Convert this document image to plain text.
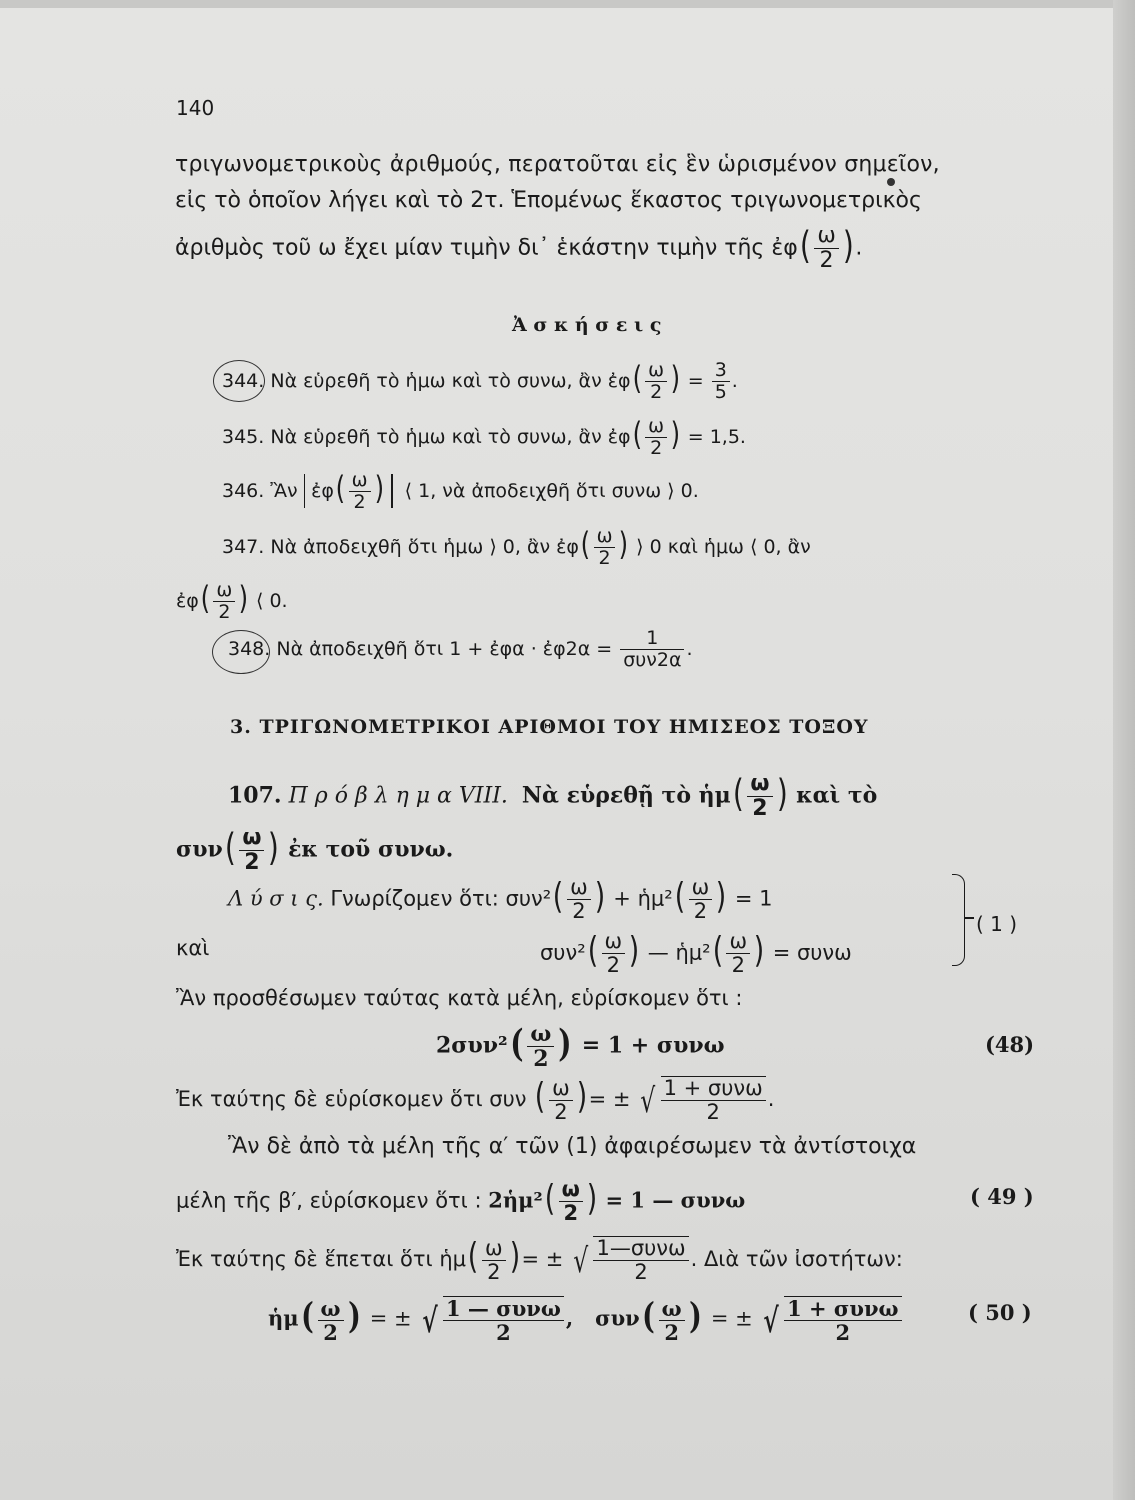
140
τριγωνομετρικοὺς ἀριθμούς, περατοῦται εἰς ἓν ὡρισμένον σημεῖον,
εἰς τὸ ὁποῖον λήγει καὶ τὸ 2τ. Ἑπομένως ἕκαστος τριγωνομετρικὸς
ἀριθμὸς τοῦ ω ἔχει μίαν τιμὴν δι᾽ ἑκάστην τιμὴν τῆς ἐφ( $\frac{\omega}{2}$ ).
Ἀ σ κ ή σ ε ι ς
344. Νὰ εὑρεθῆ τὸ ἡμω καὶ τὸ συνω, ἂν ἐφ( $\frac{\omega}{2}$ ) = $\frac{3}{5}$ .
345. Νὰ εὑρεθῆ τὸ ἡμω καὶ τὸ συνω, ἂν ἐφ( $\frac{\omega}{2}$ ) = 1,5.
346. Ἂν ἐφ( $\frac{\omega}{2}$ ) ⟨ 1, νὰ ἀποδειχθῆ ὅτι συνω ⟩ 0.
347. Νὰ ἀποδειχθῆ ὅτι ἡμω ⟩ 0, ἂν ἐφ( $\frac{\omega}{2}$ ) ⟩ 0 καὶ ἡμω ⟨ 0, ἂν
ἐφ( $\frac{\omega}{2}$ ) ⟨ 0.
348. Νὰ ἀποδειχθῆ ὅτι 1 + ἐφα · ἐφ2α = $\frac{1}{\text{συν2α}}$ .
3. ΤΡΙΓΩΝΟΜΕΤΡΙΚΟΙ ΑΡΙΘΜΟΙ ΤΟΥ ΗΜΙΣΕΟΣ ΤΟΞΟΥ
107. Π ρ ό β λ η μ α VIII. Νὰ εὑρεθῇ τὸ ἡμ( $\frac{\omega}{2}$ ) καὶ τὸ
$\sigma\upsilon\nu( \frac{\omega}{2}$ ) ἐκ τοῦ συνω.
Λ ύ σ ι ς. Γνωρίζομεν ὅτι: $\sigma\upsilon\nu^2( \frac{\omega}{2}$ ) + ἡμ²( $\frac{\omega}{2}$ ) = 1
καὶ	$\sigma\upsilon\nu^2( \frac{\omega}{2}$ ) — ἡμ²( $\frac{\omega}{2}$ ) = συνω
( 1 )
Ἂν προσθέσωμεν ταύτας κατὰ μέλη, εὑρίσκομεν ὅτι :
$2\sigma\upsilon\nu^2( \frac{\omega}{2}$ ) = 1 + συνω	(48)
Ἐκ ταύτης δὲ εὑρίσκομεν ὅτι συν ( $\frac{\omega}{2}$ )= ± √ $\frac{\text{1 + συνω}}{2}$ .
Ἂν δὲ ἀπὸ τὰ μέλη τῆς α′ τῶν (1) ἀφαιρέσωμεν τὰ ἀντίστοιχα
μέλη τῆς β′, εὑρίσκομεν ὅτι : 2ἡμ²( $\frac{\omega}{2}$ ) = 1 — συνω	( 49 )
Ἐκ ταύτης δὲ ἕπεται ὅτι ἡμ( $\frac{\omega}{2}$ )= ± √ $\frac{\text{1—συνω}}{2}$ . Διὰ τῶν ἰσοτήτων:
ἡμ( $\frac{\omega}{2}$ ) = ± √ $\frac{\text{1 — συνω}}{2}$ , $\sigma\upsilon\nu( \frac{\omega}{2}$ ) = ± √ $\frac{\text{1 + συνω}}{2}$	( 50 )
